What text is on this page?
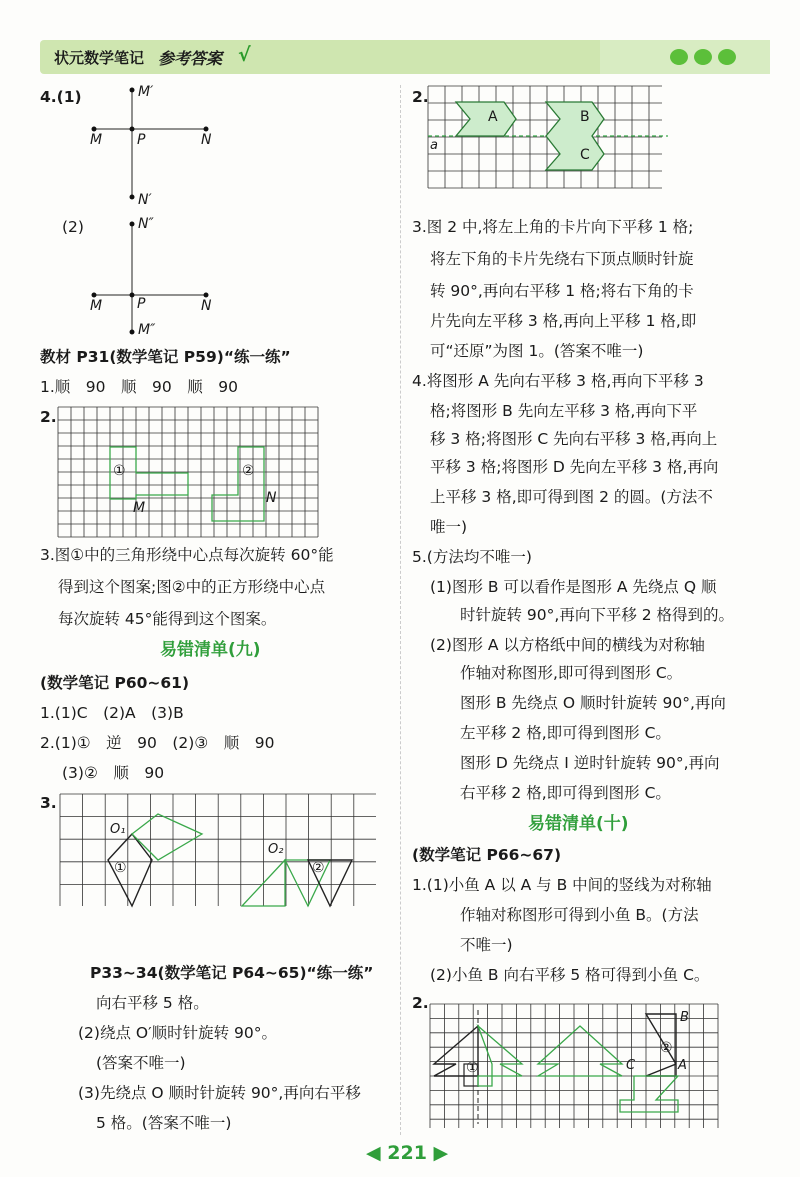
状元数学笔记 参考答案 √
4.(1)	M′
M P	N
N′
(2)	N″
M P	N
M″
教材 P31(数学笔记 P59)“练一练”
1.顺　90　顺　90　顺　90
2.
①	②
M
N
3.图①中的三角形绕中心点每次旋转 60°能
得到这个图案;图②中的正方形绕中心点
每次旋转 45°能得到这个图案。
易错清单(九)
(数学笔记 P60~61)
1.(1)C　(2)A　(3)B
2.(1)①　逆　90　(2)③　顺　90
(3)②　顺　90
3.
O₁
①
O₂
②
P33~34(数学笔记 P64~65)“练一练”
向右平移 5 格。
(2)绕点 O′顺时针旋转 90°。
(答案不唯一)
(3)先绕点 O 顺时针旋转 90°,再向右平移
5 格。(答案不唯一)
2.
A	B
C
a
3.图 2 中,将左上角的卡片向下平移 1 格;
将左下角的卡片先绕右下顶点顺时针旋
转 90°,再向右平移 1 格;将右下角的卡
片先向左平移 3 格,再向上平移 1 格,即
可“还原”为图 1。(答案不唯一)
4.将图形 A 先向右平移 3 格,再向下平移 3
格;将图形 B 先向左平移 3 格,再向下平
移 3 格;将图形 C 先向右平移 3 格,再向上
平移 3 格;将图形 D 先向左平移 3 格,再向
上平移 3 格,即可得到图 2 的圆。(方法不
唯一)
5.(方法均不唯一)
(1)图形 B 可以看作是图形 A 先绕点 Q 顺
时针旋转 90°,再向下平移 2 格得到的。
(2)图形 A 以方格纸中间的横线为对称轴
作轴对称图形,即可得到图形 C。
图形 B 先绕点 O 顺时针旋转 90°,再向
左平移 2 格,即可得到图形 C。
图形 D 先绕点 I 逆时针旋转 90°,再向
右平移 2 格,即可得到图形 C。
易错清单(十)
(数学笔记 P66~67)
1.(1)小鱼 A 以 A 与 B 中间的竖线为对称轴
作轴对称图形可得到小鱼 B。(方法
不唯一)
(2)小鱼 B 向右平移 5 格可得到小鱼 C。
2.
B
②
C	A
①
◀ 221 ▶
